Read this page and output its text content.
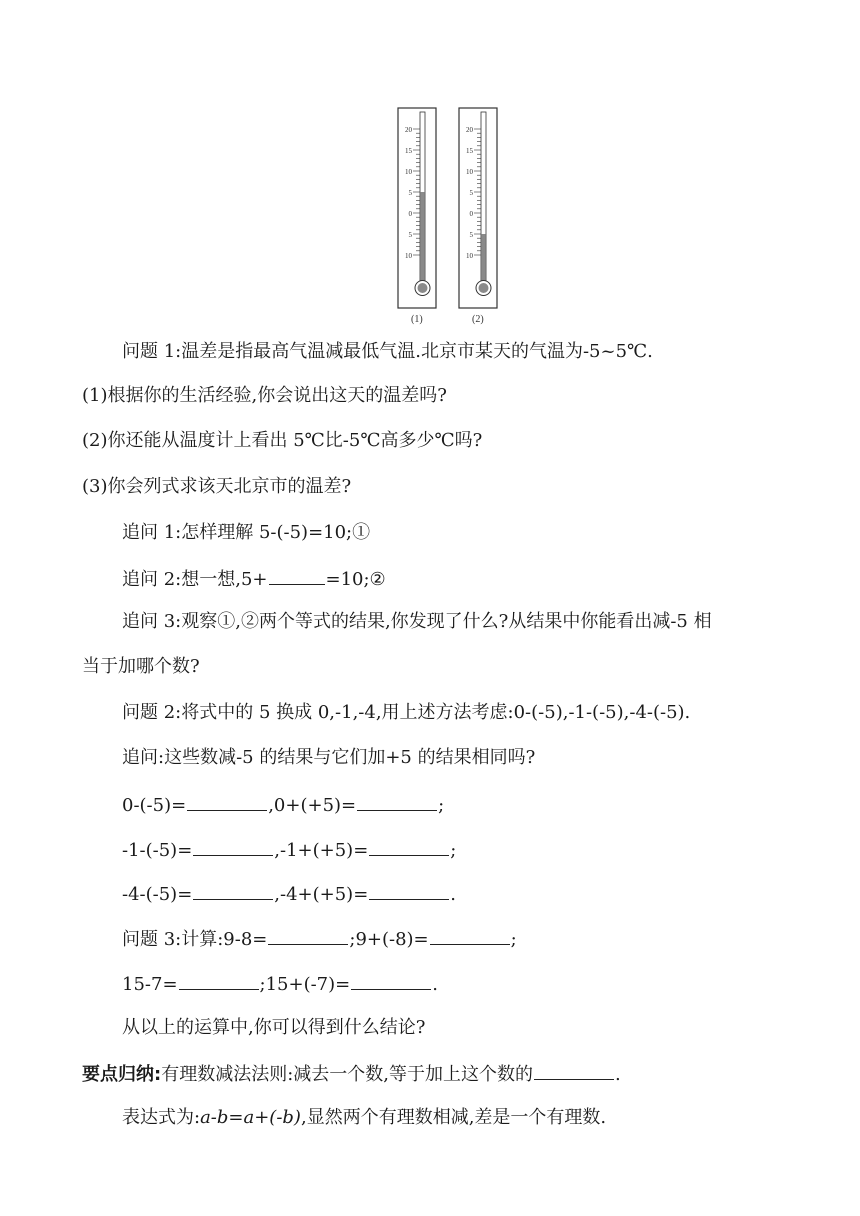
20
15
10
5
0
5
10
20
15
10
5
0
5
10
(1)	(2)
问题 1:温差是指最高气温减最低气温.北京市某天的气温为-5~5℃.
(1)根据你的生活经验,你会说出这天的温差吗?
(2)你还能从温度计上看出 5℃比-5℃高多少℃吗?
(3)你会列式求该天北京市的温差?
追问 1:怎样理解 5-(-5)=10;①
追问 2:想一想,5+	=10;②
追问 3:观察①,②两个等式的结果,你发现了什么?从结果中你能看出减-5 相
当于加哪个数?
问题 2:将式中的 5 换成 0,-1,-4,用上述方法考虑:0-(-5),-1-(-5),-4-(-5).
追问:这些数减-5 的结果与它们加+5 的结果相同吗?
0-(-5)=	,0+(+5)=	;
-1-(-5)=	,-1+(+5)=	;
-4-(-5)=	,-4+(+5)=	.
问题 3:计算:9-8=	;9+(-8)=	;
15-7=	;15+(-7)=	.
从以上的运算中,你可以得到什么结论?
要点归纳:有理数减法法则:减去一个数,等于加上这个数的	.
表达式为:a-b=a+(-b),显然两个有理数相减,差是一个有理数.
